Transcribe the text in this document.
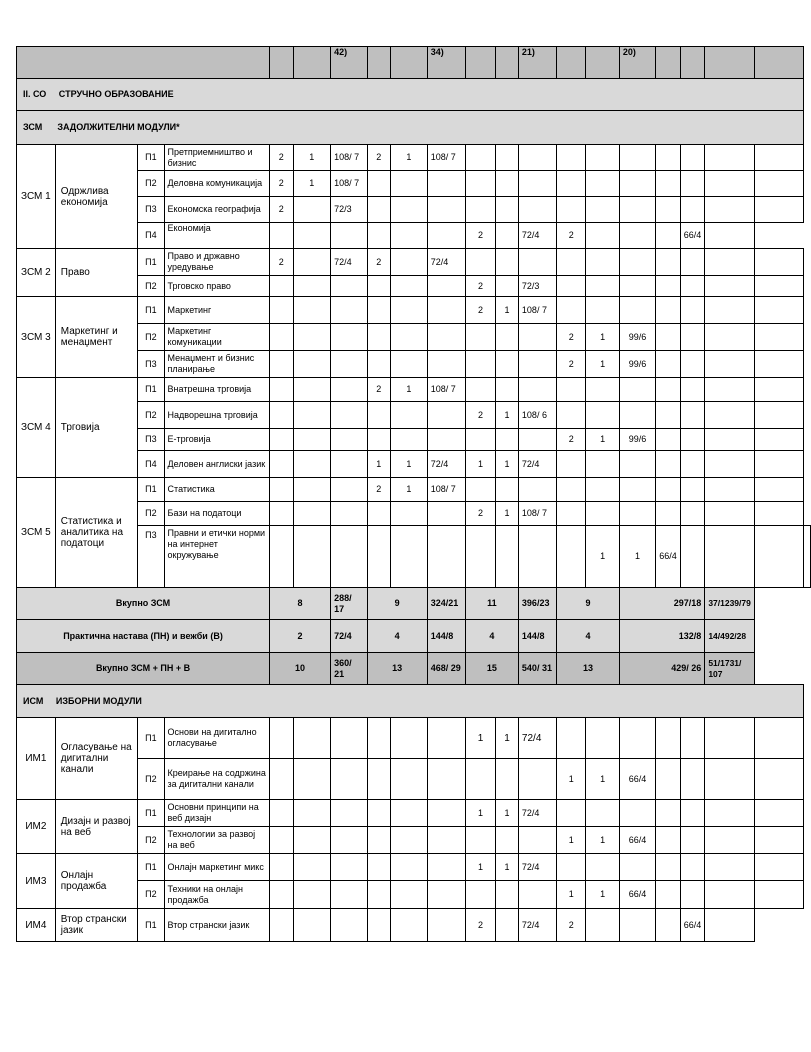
						42)			34)			21)			20)					
II. СО СТРУЧНО ОБРАЗОВАНИЕ																				
ЗСМ ЗАДОЛЖИТЕЛНИ МОДУЛИ*																				
ЗСМ 1	Одржлива економија	П1	Претприемништво и бизнис	2	1	108/ 7	2	1	108/ 7											
		П2	Деловна комуникација	2	1	108/ 7														
		П3	Економска географија	2		72/3														
		П4	Економија							2		72/4	2				66/4			
ЗСМ 2	Право	П1	Право и државно уредување	2		72/4	2		72/4											
		П2	Трговско право							2		72/3								
ЗСМ 3	Маркетинг и менаџмент	П1	Маркетинг							2	1	108/ 7								
		П2	Маркетинг комуникации										2	1	99/6					
		П3	Менаџмент и бизнис планирање										2	1	99/6					
ЗСМ 4	Трговија	П1	Внатрешна трговија				2	1	108/ 7											
		П2	Надворешна трговија							2	1	108/ 6								
		П3	Е-трговија										2	1	99/6					
		П4	Деловен англиски јазик				1	1	72/4	1	1	72/4								
ЗСМ 5	Статистика и аналитика на податоци	П1	Статистика				2	1	108/ 7											
		П2	Бази на податоци							2	1	108/ 7								
		П3	Правни и етички норми на интернет окружување											1	1	66/4				
Вкупно ЗСМ				8		288/ 17	9		324/21	11		396/23	9		297/18			37/1239/79		
Практична настава (ПН) и вежби (В)				2		72/4	4		144/8	4		144/8	4		132/8			14/492/28		
Вкупно ЗСМ + ПН + В				10		360/ 21	13		468/ 29	15		540/ 31	13		429/ 26			51/1731/ 107		
ИСМ ИЗБОРНИ МОДУЛИ																				
ИМ1	Огласување на дигитални канали	П1	Основи на дигитално огласување							1	1	72/4								
		П2	Креирање на содржина за дигитални канали										1	1	66/4					
ИМ2	Дизајн и развој на веб	П1	Основни принципи на веб дизајн							1	1	72/4								
		П2	Технологии за развој на веб										1	1	66/4					
ИМ3	Онлајн продажба	П1	Онлајн маркетинг микс							1	1	72/4								
		П2	Техники на онлајн продажба										1	1	66/4					
ИМ4	Втор странски јазик	П1	Втор странски јазик							2		72/4	2				66/4			
